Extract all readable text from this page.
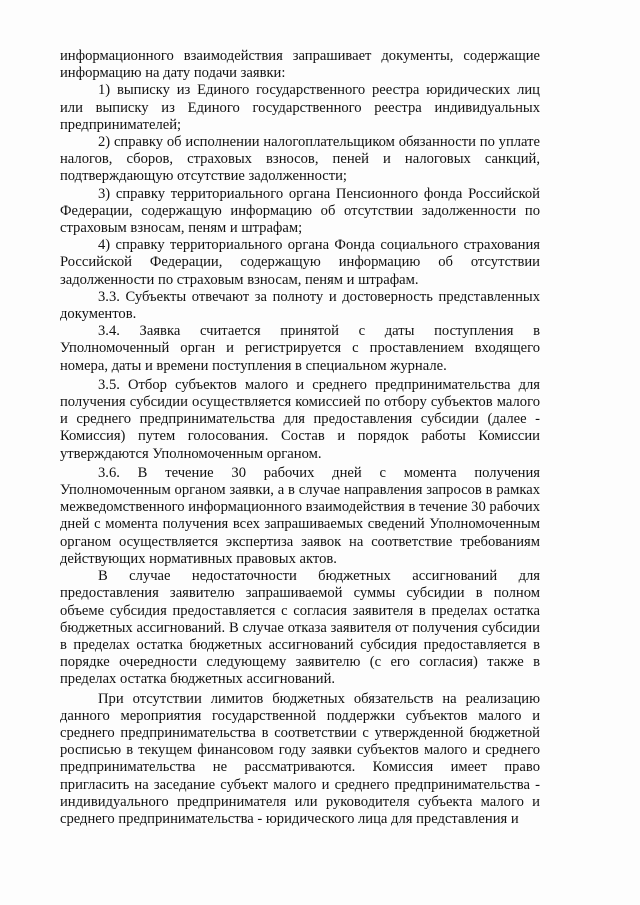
информационного взаимодействия запрашивает документы, содержащие информацию на дату подачи заявки:

1) выписку из Единого государственного реестра юридических лиц или выписку из Единого государственного реестра индивидуальных предпринимателей;

2) справку об исполнении налогоплательщиком обязанности по уплате налогов, сборов, страховых взносов, пеней и налоговых санкций, подтверждающую отсутствие задолженности;

3) справку территориального органа Пенсионного фонда Российской Федерации, содержащую информацию об отсутствии задолженности по страховым взносам, пеням и штрафам;

4) справку территориального органа Фонда социального страхования Российской Федерации, содержащую информацию об отсутствии задолженности по страховым взносам, пеням и штрафам.

3.3. Субъекты отвечают за полноту и достоверность представленных документов.

3.4. Заявка считается принятой с даты поступления в Уполномоченный орган и регистрируется с проставлением входящего номера, даты и времени поступления в специальном журнале.

3.5. Отбор субъектов малого и среднего предпринимательства для получения субсидии осуществляется комиссией по отбору субъектов малого и среднего предпринимательства для предоставления субсидии (далее - Комиссия) путем голосования. Состав и порядок работы Комиссии утверждаются Уполномоченным органом.

3.6. В течение 30 рабочих дней с момента получения Уполномоченным органом заявки, а в случае направления запросов в рамках межведомственного информационного взаимодействия в течение 30 рабочих дней с момента получения всех запрашиваемых сведений Уполномоченным органом осуществляется экспертиза заявок на соответствие требованиям действующих нормативных правовых актов.

В случае недостаточности бюджетных ассигнований для предоставления заявителю запрашиваемой суммы субсидии в полном объеме субсидия предоставляется с согласия заявителя в пределах остатка бюджетных ассигнований. В случае отказа заявителя от получения субсидии в пределах остатка бюджетных ассигнований субсидия предоставляется в порядке очередности следующему заявителю (с его согласия) также в пределах остатка бюджетных ассигнований.

При отсутствии лимитов бюджетных обязательств на реализацию данного мероприятия государственной поддержки субъектов малого и среднего предпринимательства в соответствии с утвержденной бюджетной росписью в текущем финансовом году заявки субъектов малого и среднего предпринимательства не рассматриваются. Комиссия имеет право пригласить на заседание субъект малого и среднего предпринимательства - индивидуального предпринимателя или руководителя субъекта малого и среднего предпринимательства - юридического лица для представления и
